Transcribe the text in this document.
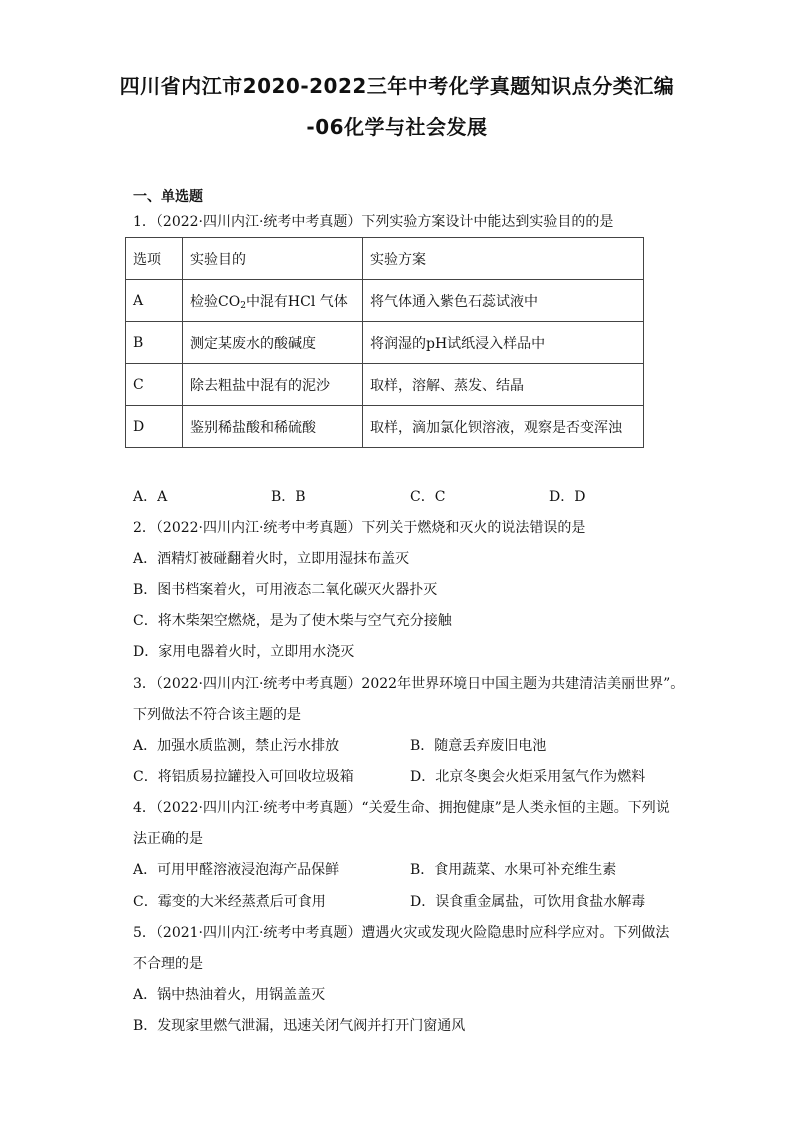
四川省内江市2020-2022三年中考化学真题知识点分类汇编
-06化学与社会发展
一、单选题
1．（2022·四川内江·统考中考真题）下列实验方案设计中能达到实验目的的是
选项	实验目的	实验方案
A	检验$CO_2$中混有HCl 气体	将气体通入紫色石蕊试液中
B	测定某废水的酸碱度	将润湿的pH试纸浸入样品中
C	除去粗盐中混有的泥沙	取样，溶解、蒸发、结晶
D	鉴别稀盐酸和稀硫酸	取样，滴加氯化钡溶液，观察是否变浑浊
A．A	B．B	C．C	D．D
2．（2022·四川内江·统考中考真题）下列关于燃烧和灭火的说法错误的是
A．酒精灯被碰翻着火时，立即用湿抹布盖灭
B．图书档案着火，可用液态二氧化碳灭火器扑灭
C．将木柴架空燃烧，是为了使木柴与空气充分接触
D．家用电器着火时，立即用水浇灭
3．（2022·四川内江·统考中考真题）2022年世界环境日中国主题为共建清洁美丽世界”。
下列做法不符合该主题的是
A．加强水质监测，禁止污水排放	B．随意丢弃废旧电池
C．将铝质易拉罐投入可回收垃圾箱	D．北京冬奥会火炬采用氢气作为燃料
4．（2022·四川内江·统考中考真题）“关爱生命、拥抱健康”是人类永恒的主题。下列说
法正确的是
A．可用甲醛溶液浸泡海产品保鲜	B．食用蔬菜、水果可补充维生素
C．霉变的大米经蒸煮后可食用	D．误食重金属盐，可饮用食盐水解毒
5．（2021·四川内江·统考中考真题）遭遇火灾或发现火险隐患时应科学应对。下列做法
不合理的是
A．锅中热油着火，用锅盖盖灭
B．发现家里燃气泄漏，迅速关闭气阀并打开门窗通风
